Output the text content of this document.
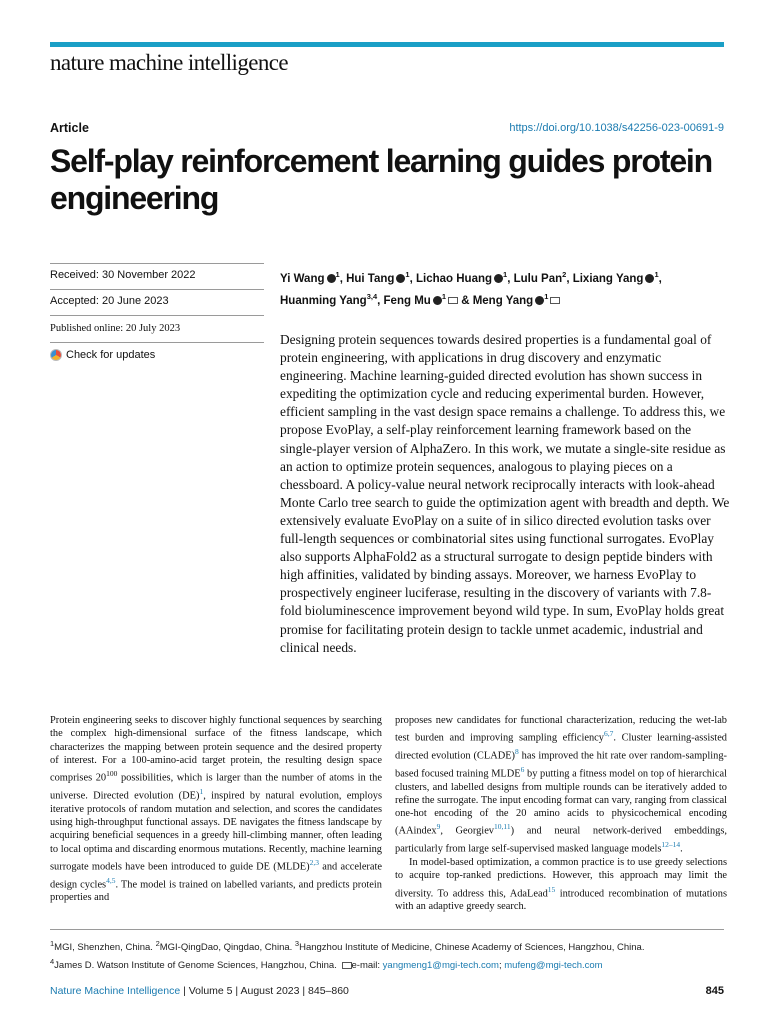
nature machine intelligence
Article	https://doi.org/10.1038/s42256-023-00691-9
Self-play reinforcement learning guides protein engineering
Received: 30 November 2022
Accepted: 20 June 2023
Published online: 20 July 2023
Check for updates
Yi Wang $^1$, Hui Tang $^1$, Lichao Huang $^1$, Lulu Pan$^2$, Lixiang Yang $^1$,
Huanming Yang$^{3,4}$, Feng Mu $^1$ & Meng Yang $^1$

Designing protein sequences towards desired properties is a fundamental goal of protein engineering, with applications in drug discovery and enzymatic engineering. Machine learning-guided directed evolution has shown success in expediting the optimization cycle and reducing experimental burden. However, efficient sampling in the vast design space remains a challenge. To address this, we propose EvoPlay, a self-play reinforcement learning framework based on the single-player version of AlphaZero. In this work, we mutate a single-site residue as an action to optimize protein sequences, analogous to playing pieces on a chessboard. A policy-value neural network reciprocally interacts with look-ahead Monte Carlo tree search to guide the optimization agent with breadth and depth. We extensively evaluate EvoPlay on a suite of in silico directed evolution tasks over full-length sequences or combinatorial sites using functional surrogates. EvoPlay also supports AlphaFold2 as a structural surrogate to design peptide binders with high affinities, validated by binding assays. Moreover, we harness EvoPlay to prospectively engineer luciferase, resulting in the discovery of variants with 7.8-fold bioluminescence improvement beyond wild type. In sum, EvoPlay holds great promise for facilitating protein design to tackle unmet academic, industrial and clinical needs.

Protein engineering seeks to discover highly functional sequences by searching the complex high-dimensional surface of the fitness landscape, which characterizes the mapping between protein sequence and the desired property of interest. For a 100-amino-acid target protein, the resulting design space comprises $20^{100}$ possibilities, which is larger than the number of atoms in the universe. Directed evolution (DE)$^1$, inspired by natural evolution, employs iterative protocols of random mutation and selection, and scores the candidates using high-throughput functional assays. DE navigates the fitness landscape by acquiring beneficial sequences in a greedy hill-climbing manner, often leading to local optima and discarding enormous mutations. Recently, machine learning surrogate models have been introduced to guide DE (MLDE)$^{2,3}$ and accelerate design cycles$^{4,5}$. The model is trained on labelled variants, and predicts protein properties and

proposes new candidates for functional characterization, reducing the wet-lab test burden and improving sampling efficiency$^{6,7}$. Cluster learning-assisted directed evolution (CLADE)$^8$ has improved the hit rate over random-sampling-based focused training MLDE$^6$ by putting a fitness model on top of hierarchical clusters, and labelled designs from multiple rounds can be iteratively added to refine the surrogate. The input encoding format can vary, ranging from classical one-hot encoding of the 20 amino acids to physicochemical encoding (AAindex$^9$, Georgiev$^{10,11}$) and neural network-derived embeddings, particularly from large self-supervised masked language models$^{12-14}$.

In model-based optimization, a common practice is to use greedy selections to acquire top-ranked predictions. However, this approach may limit the diversity. To address this, AdaLead$^{15}$ introduced recombination of mutations with an adaptive greedy search.

$^1$MGI, Shenzhen, China. $^2$MGI-QingDao, Qingdao, China. $^3$Hangzhou Institute of Medicine, Chinese Academy of Sciences, Hangzhou, China.
$^4$James D. Watson Institute of Genome Sciences, Hangzhou, China. e-mail: yangmeng1@mgi-tech.com; mufeng@mgi-tech.com
Nature Machine Intelligence | Volume 5 | August 2023 | 845–860	845
